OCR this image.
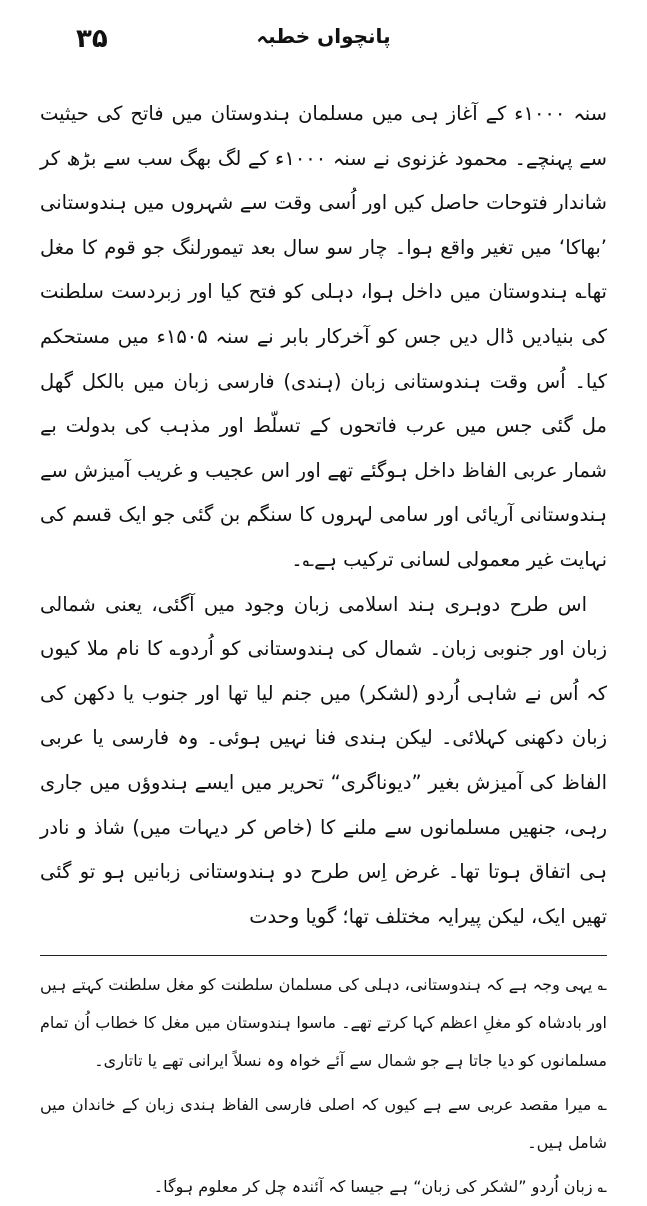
۳۵	پانچواں خطبہ

سنہ ۱۰۰۰ء کے آغاز ہی میں مسلمان ہندوستان میں فاتح کی حیثیت سے پہنچے۔ محمود غزنوی نے سنہ ۱۰۰۰ء کے لگ بھگ سب سے بڑھ کر شاندار فتوحات حاصل کیں اور اُسی وقت سے شہروں میں ہندوستانی ’بھاکا‘ میں تغیر واقع ہوا۔ چار سو سال بعد تیمورلنگ جو قوم کا مغل تھا؎ ہندوستان میں داخل ہوا، دہلی کو فتح کیا اور زبردست سلطنت کی بنیادیں ڈال دیں جس کو آخرکار بابر نے سنہ ۱۵۰۵ء میں مستحکم کیا۔ اُس وقت ہندوستانی زبان (ہندی) فارسی زبان میں بالکل گھل مل گئی جس میں عرب فاتحوں کے تسلّط اور مذہب کی بدولت بے شمار عربی الفاظ داخل ہوگئے تھے اور اس عجیب و غریب آمیزش سے ہندوستانی آریائی اور سامی لہروں کا سنگم بن گئی جو ایک قسم کی نہایت غیر معمولی لسانی ترکیب ہے؎۔

اس طرح دوہری ہند اسلامی زبان وجود میں آگئی، یعنی شمالی زبان اور جنوبی زبان۔ شمال کی ہندوستانی کو اُردو؎ کا نام ملا کیوں کہ اُس نے شاہی اُردو (لشکر) میں جنم لیا تھا اور جنوب یا دکھن کی زبان دکھنی کہلائی۔ لیکن ہندی فنا نہیں ہوئی۔ وہ فارسی یا عربی الفاظ کی آمیزش بغیر ”دیوناگری“ تحریر میں ایسے ہندوؤں میں جاری رہی، جنھیں مسلمانوں سے ملنے کا (خاص کر دیہات میں) شاذ و نادر ہی اتفاق ہوتا تھا۔ غرض اِس طرح دو ہندوستانی زبانیں ہو تو گئی تھیں ایک، لیکن پیرایہ مختلف تھا؛ گویا وحدت

؎ یہی وجہ ہے کہ ہندوستانی، دہلی کی مسلمان سلطنت کو مغل سلطنت کہتے ہیں اور بادشاہ کو مغلِ اعظم کہا کرتے تھے۔ ماسوا ہندوستان میں مغل کا خطاب اُن تمام مسلمانوں کو دیا جاتا ہے جو شمال سے آئے خواہ وہ نسلاً ایرانی تھے یا تاتاری۔

؎ میرا مقصد عربی سے ہے کیوں کہ اصلی فارسی الفاظ ہندی زبان کے خاندان میں شامل ہیں۔

؎ زبان اُردو ”لشکر کی زبان“ ہے جیسا کہ آئندہ چل کر معلوم ہوگا۔
